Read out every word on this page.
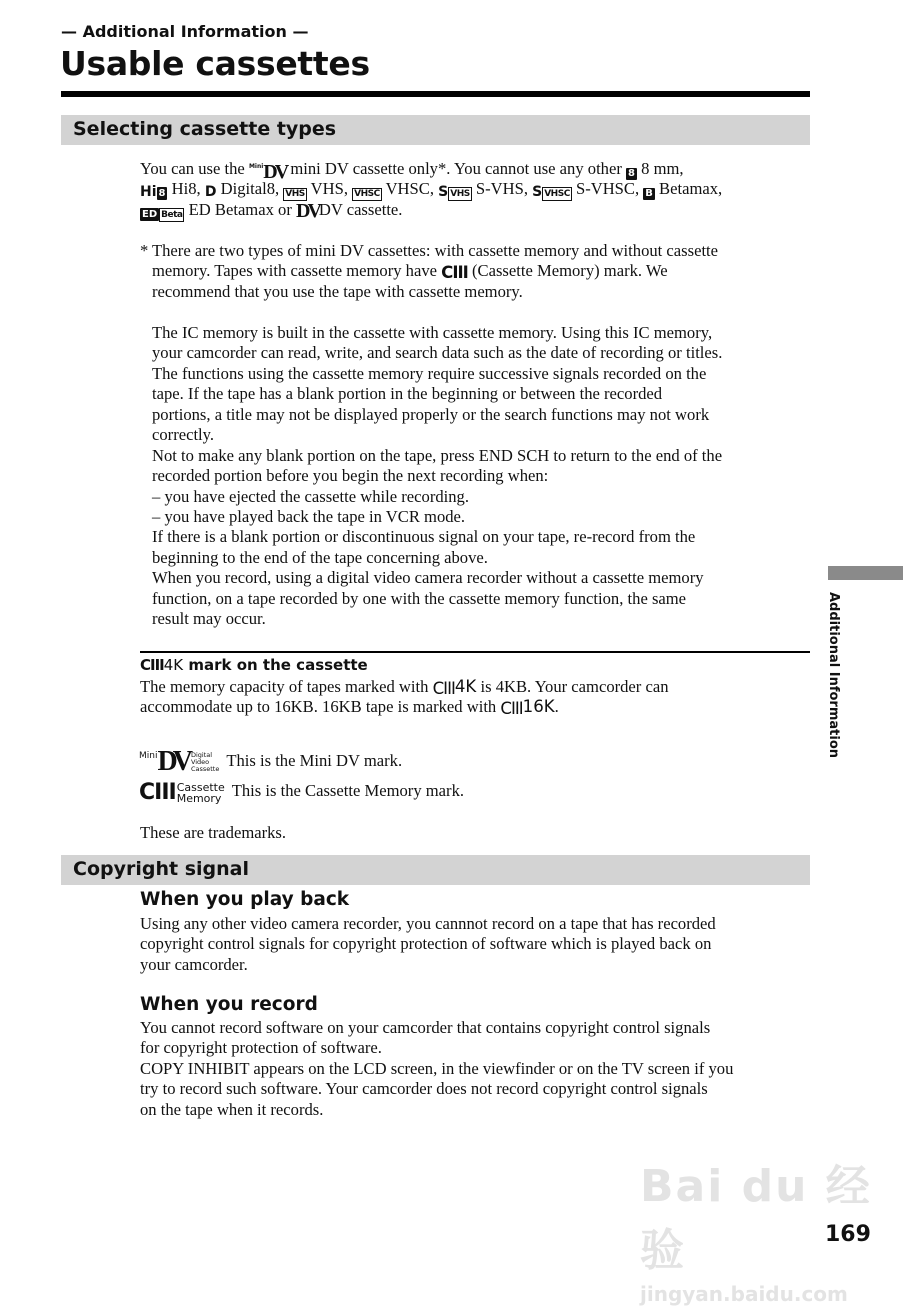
— Additional Information —
Usable cassettes
Selecting cassette types
You can use the $^{Mini}$DV mini DV cassette only*. You cannot use any other 8 8 mm,
Hi 8 Hi8, D Digital8, VHS VHS, VHSC VHSC, S VHS S-VHS, S VHSC S-VHSC, B Betamax,
ED Beta ED Betamax or DVDV cassette.
* There are two types of mini DV cassettes: with cassette memory and without cassette
memory. Tapes with cassette memory have CIII (Cassette Memory) mark. We
recommend that you use the tape with cassette memory.
The IC memory is built in the cassette with cassette memory. Using this IC memory,
your camcorder can read, write, and search data such as the date of recording or titles.
The functions using the cassette memory require successive signals recorded on the
tape. If the tape has a blank portion in the beginning or between the recorded
portions, a title may not be displayed properly or the search functions may not work
correctly.
Not to make any blank portion on the tape, press END SCH to return to the end of the
recorded portion before you begin the next recording when:
– you have ejected the cassette while recording.
– you have played back the tape in VCR mode.
If there is a blank portion or discontinuous signal on your tape, re-record from the
beginning to the end of the tape concerning above.
When you record, using a digital video camera recorder without a cassette memory
function, on a tape recorded by one with the cassette memory function, the same
result may occur.
CIII4K mark on the cassette
The memory capacity of tapes marked with CIII4K is 4KB. Your camcorder can
accommodate up to 16KB. 16KB tape is marked with CIII16K.
MiniDV Digital
Video
Cassette This is the Mini DV mark.
CIIICassette
Memory This is the Cassette Memory mark.
These are trademarks.
Copyright signal
When you play back
Using any other video camera recorder, you cannnot record on a tape that has recorded
copyright control signals for copyright protection of software which is played back on
your camcorder.
When you record
You cannot record software on your camcorder that contains copyright control signals
for copyright protection of software.
COPY INHIBIT appears on the LCD screen, in the viewfinder or on the TV screen if you
try to record such software. Your camcorder does not record copyright control signals
on the tape when it records.
Additional Information
Bai du 经验
jingyan.baidu.com
169
